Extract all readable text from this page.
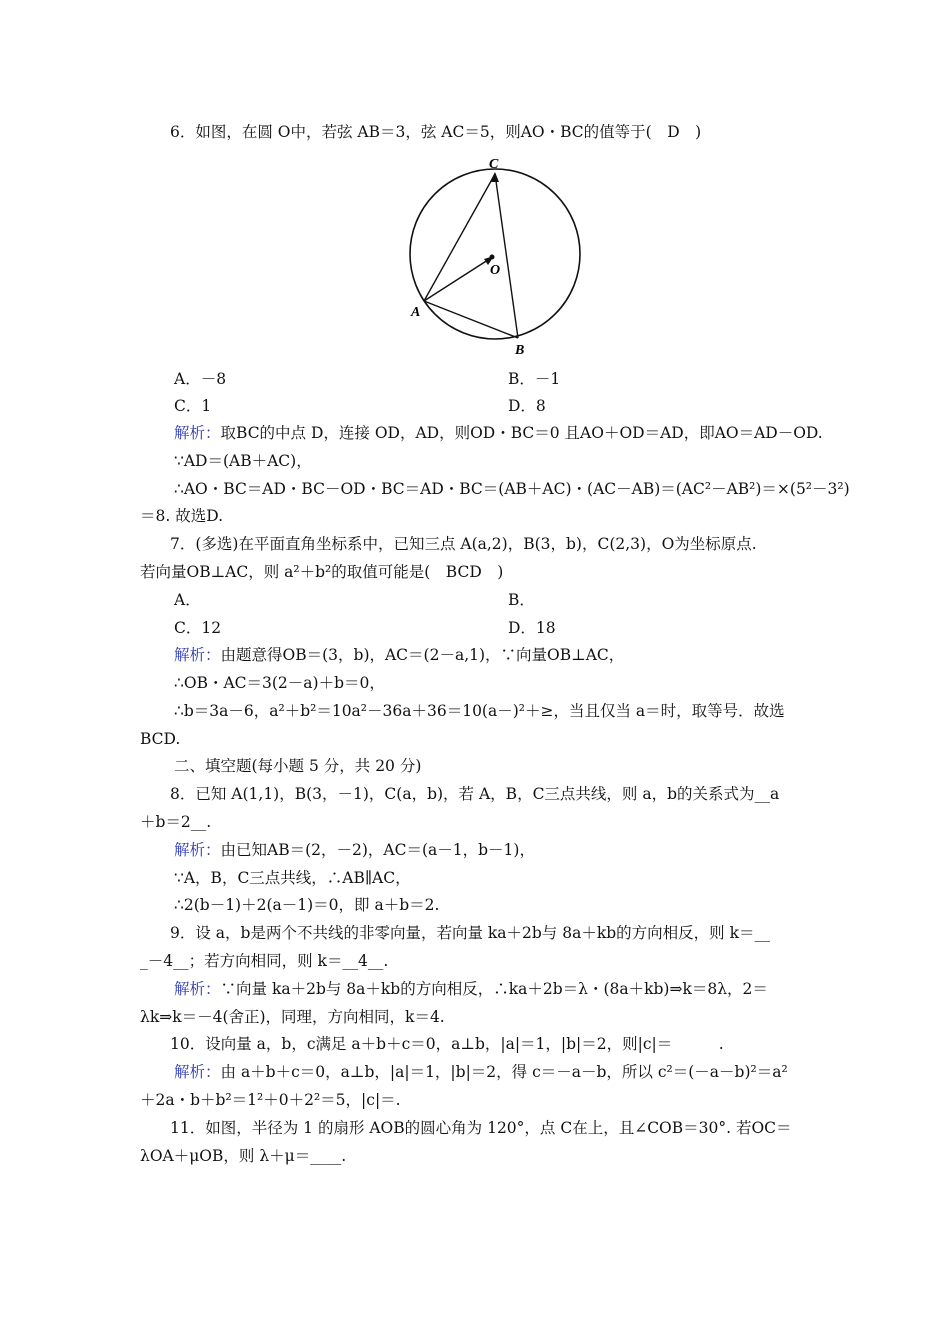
6．如图，在圆 O中，若弦 AB＝3，弦 AC＝5，则AO・BC的值等于(　D　)
C
O
A
B
A．－8	B．－1
C．1	D．8
解析：取BC的中点 D，连接 OD，AD，则OD・BC＝0 且AO＋OD＝AD，即AO＝AD－OD.
∵AD＝(AB＋AC)，
∴AO・BC＝AD・BC－OD・BC＝AD・BC＝(AB＋AC)・(AC－AB)＝(AC²－AB²)＝×(5²－3²)
＝8. 故选D.
7．(多选)在平面直角坐标系中，已知三点 A(a,2)，B(3，b)，C(2,3)，O为坐标原点.
若向量OB⊥AC，则 a²＋b²的取值可能是(　BCD　)
A．	B．
C．12	D．18
解析：由题意得OB＝(3，b)，AC＝(2－a,1)，∵向量OB⊥AC，
∴OB・AC＝3(2－a)＋b＝0，
∴b＝3a－6，a²＋b²＝10a²－36a＋36＝10(a－)²＋≥，当且仅当 a＝时，取等号．故选
BCD.
二、填空题(每小题 5 分，共 20 分)
8．已知 A(1,1)，B(3，－1)，C(a，b)，若 A，B，C三点共线，则 a，b的关系式为__a
＋b＝2__.
解析：由已知AB＝(2，－2)，AC＝(a－1，b－1)，
∵A，B，C三点共线，∴AB∥AC，
∴2(b－1)＋2(a－1)＝0，即 a＋b＝2.
9．设 a，b是两个不共线的非零向量，若向量 ka＋2b与 8a＋kb的方向相反，则 k＝__
_－4__；若方向相同，则 k＝__4__.
解析：∵向量 ka＋2b与 8a＋kb的方向相反，∴ka＋2b＝λ・(8a＋kb)⇒k＝8λ，2＝
λk⇒k＝－4(舍正)，同理，方向相同，k＝4.
10．设向量 a，b，c满足 a＋b＋c＝0，a⊥b，|a|＝1，|b|＝2，则|c|＝　　　.
解析：由 a＋b＋c＝0，a⊥b，|a|＝1，|b|＝2，得 c＝－a－b，所以 c²＝(－a－b)²＝a²
＋2a・b＋b²＝1²＋0＋2²＝5，|c|＝.
11．如图，半径为 1 的扇形 AOB的圆心角为 120°，点 C在上，且∠COB＝30°. 若OC＝
λOA＋μOB，则 λ＋μ＝____.
